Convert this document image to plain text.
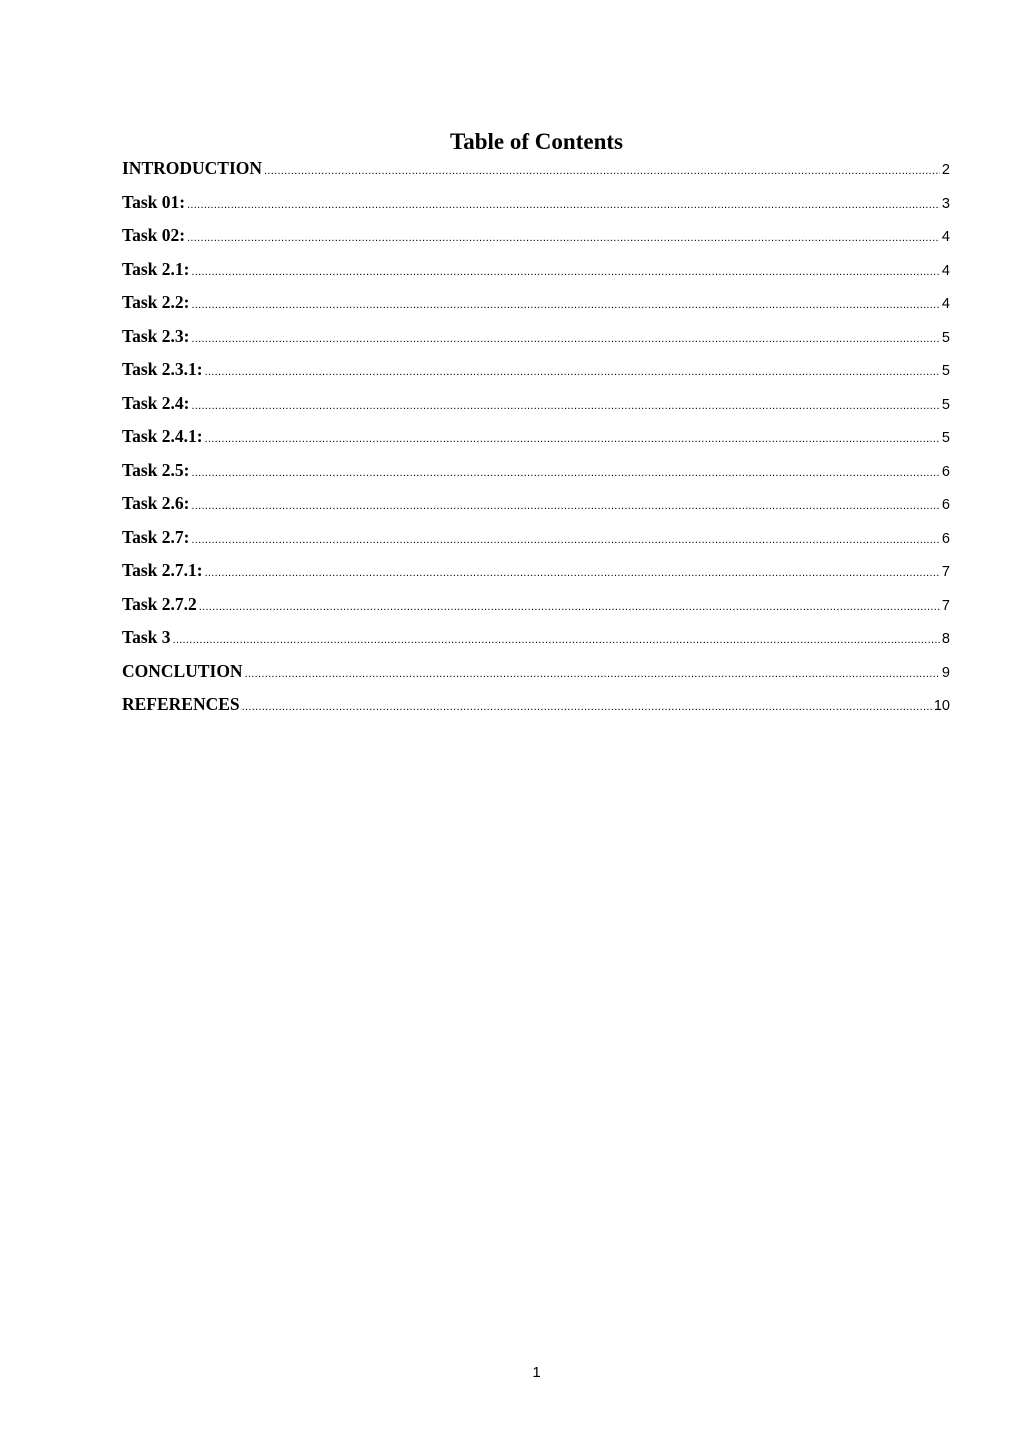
Table of Contents
INTRODUCTION .....	2
Task 01: .....	3
Task 02: .....	4
Task 2.1: .....	4
Task 2.2: .....	4
Task 2.3: .....	5
Task 2.3.1: .....	5
Task 2.4: .....	5
Task 2.4.1: .....	5
Task 2.5: .....	6
Task 2.6: .....	6
Task 2.7: .....	6
Task 2.7.1: .....	7
Task 2.7.2 .....	7
Task 3 .....	8
CONCLUTION .....	9
REFERENCES .....	10
1
